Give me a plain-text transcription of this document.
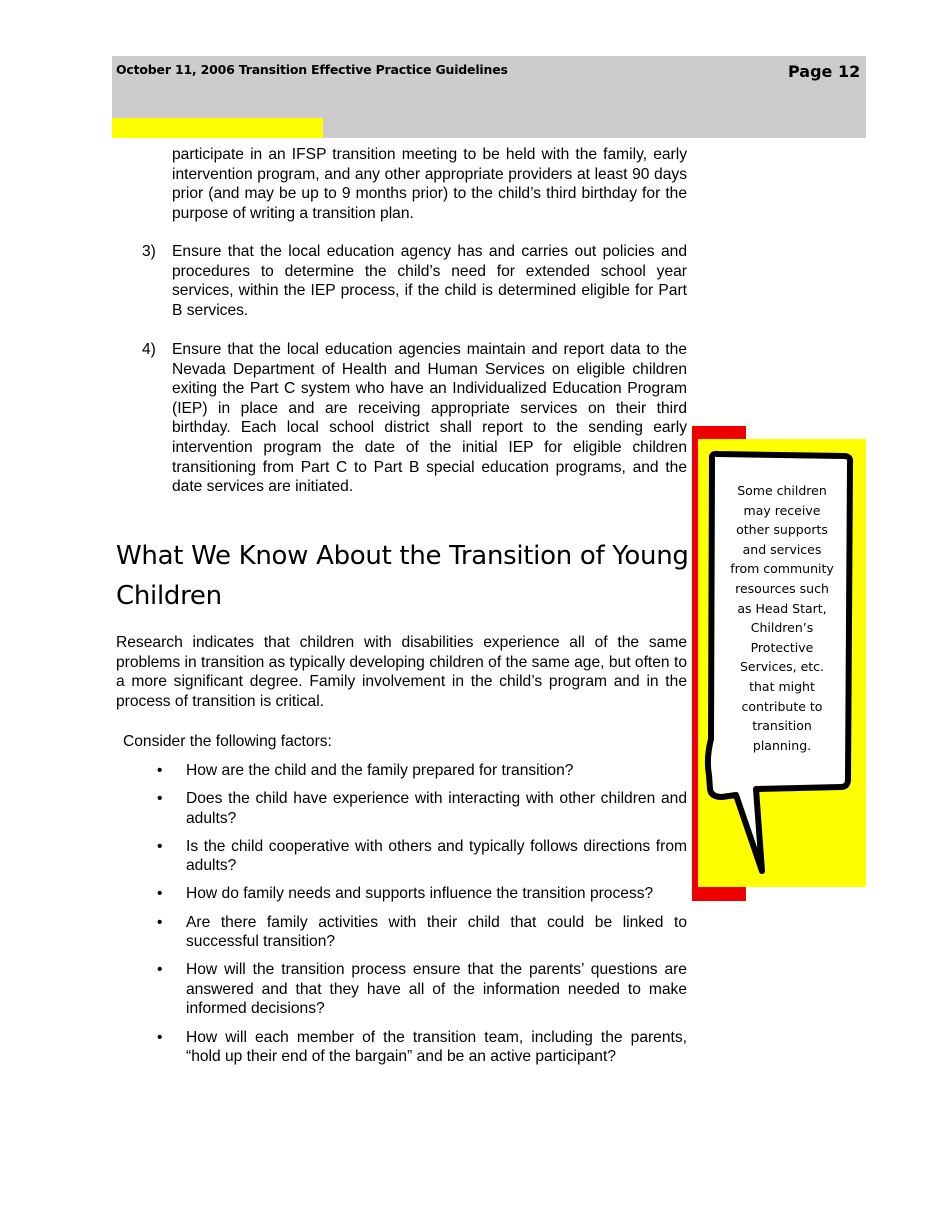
October 11, 2006 Transition Effective Practice Guidelines	Page 12

participate in an IFSP transition meeting to be held with the family, early intervention program, and any other appropriate providers at least 90 days prior (and may be up to 9 months prior) to the child’s third birthday for the purpose of writing a transition plan.

3) Ensure that the local education agency has and carries out policies and procedures to determine the child’s need for extended school year services, within the IEP process, if the child is determined eligible for Part B services.
4) Ensure that the local education agencies maintain and report data to the Nevada Department of Health and Human Services on eligible children exiting the Part C system who have an Individualized Education Program (IEP) in place and are receiving appropriate services on their third birthday. Each local school district shall report to the sending early intervention program the date of the initial IEP for eligible children transitioning from Part C to Part B special education programs, and the date services are initiated.
What We Know About the Transition of Young Children

Research indicates that children with disabilities experience all of the same problems in transition as typically developing children of the same age, but often to a more significant degree. Family involvement in the child’s program and in the process of transition is critical.

Consider the following factors:

• How are the child and the family prepared for transition?
• Does the child have experience with interacting with other children and adults?
• Is the child cooperative with others and typically follows directions from adults?
• How do family needs and supports influence the transition process?
• Are there family activities with their child that could be linked to successful transition?
• How will the transition process ensure that the parents’ questions are answered and that they have all of the information needed to make informed decisions?
• How will each member of the transition team, including the parents, “hold up their end of the bargain” and be an active participant?

Some children may receive other supports and services from community resources such as Head Start, Children’s Protective Services, etc. that might contribute to transition planning.
